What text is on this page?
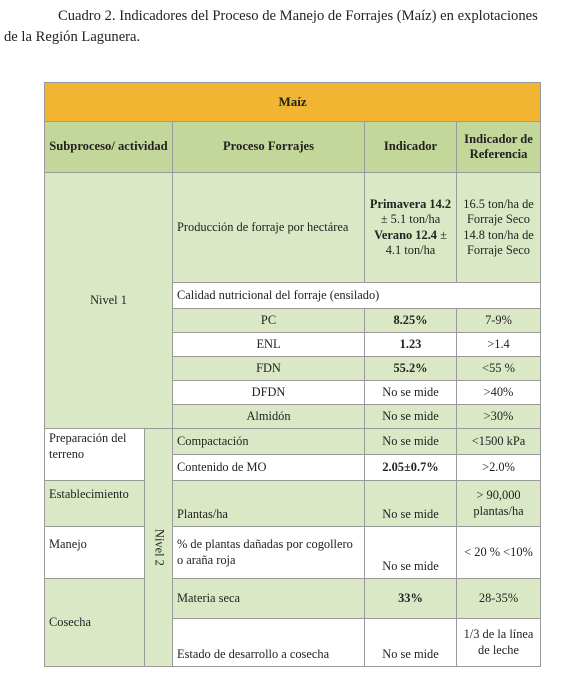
Cuadro 2. Indicadores del Proceso de Manejo de Forrajes (Maíz) en explotaciones
de la Región Lagunera.
Maíz				
Subproceso/ actividad		Proceso Forrajes	Indicador	Indicador de Referencia
Nivel 1		Producción de forraje por hectárea	Primavera 14.2 ± 5.1 ton/ha Verano 12.4 ± 4.1 ton/ha	16.5 ton/ha de Forraje Seco 14.8 ton/ha de Forraje Seco
		Calidad nutricional del forraje (ensilado)		
		PC	8.25%	7-9%
		ENL	1.23	>1.4
		FDN	55.2%	<55 %
		DFDN	No se mide	>40%
		Almidón	No se mide	>30%
Preparación del terreno	Nivel 2	Compactación	No se mide	<1500 kPa
		Contenido de MO	2.05±0.7%	>2.0%
Establecimiento		Plantas/ha	No se mide	> 90,000 plantas/ha
Manejo		% de plantas dañadas por cogollero o araña roja	No se mide	< 20 % <10%
Cosecha		Materia seca	33%	28-35%
		Estado de desarrollo a cosecha	No se mide	1/3 de la línea de leche
